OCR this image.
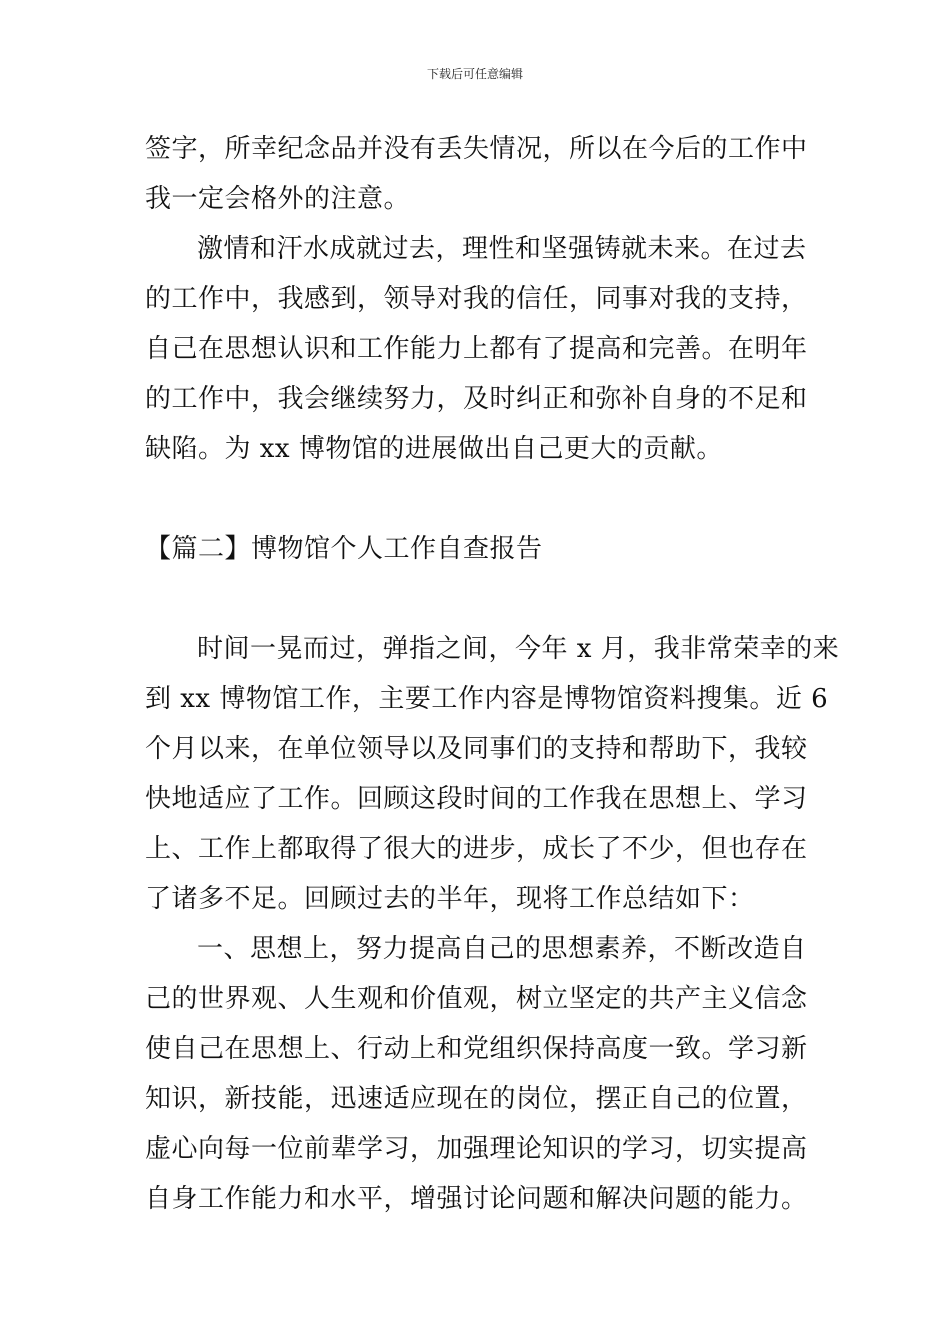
下载后可任意编辑
签字，所幸纪念品并没有丢失情况，所以在今后的工作中
我一定会格外的注意。
激情和汗水成就过去，理性和坚强铸就未来。在过去
的工作中，我感到，领导对我的信任，同事对我的支持，
自己在思想认识和工作能力上都有了提高和完善。在明年
的工作中，我会继续努力，及时纠正和弥补自身的不足和
缺陷。为 xx 博物馆的进展做出自己更大的贡献。
【篇二】博物馆个人工作自查报告
时间一晃而过，弹指之间，今年 x 月，我非常荣幸的来
到 xx 博物馆工作，主要工作内容是博物馆资料搜集。近 6
个月以来，在单位领导以及同事们的支持和帮助下，我较
快地适应了工作。回顾这段时间的工作我在思想上、学习
上、工作上都取得了很大的进步，成长了不少，但也存在
了诸多不足。回顾过去的半年，现将工作总结如下：
一、思想上，努力提高自己的思想素养，不断改造自
己的世界观、人生观和价值观，树立坚定的共产主义信念
使自己在思想上、行动上和党组织保持高度一致。学习新
知识，新技能，迅速适应现在的岗位，摆正自己的位置，
虚心向每一位前辈学习，加强理论知识的学习，切实提高
自身工作能力和水平，增强讨论问题和解决问题的能力。
